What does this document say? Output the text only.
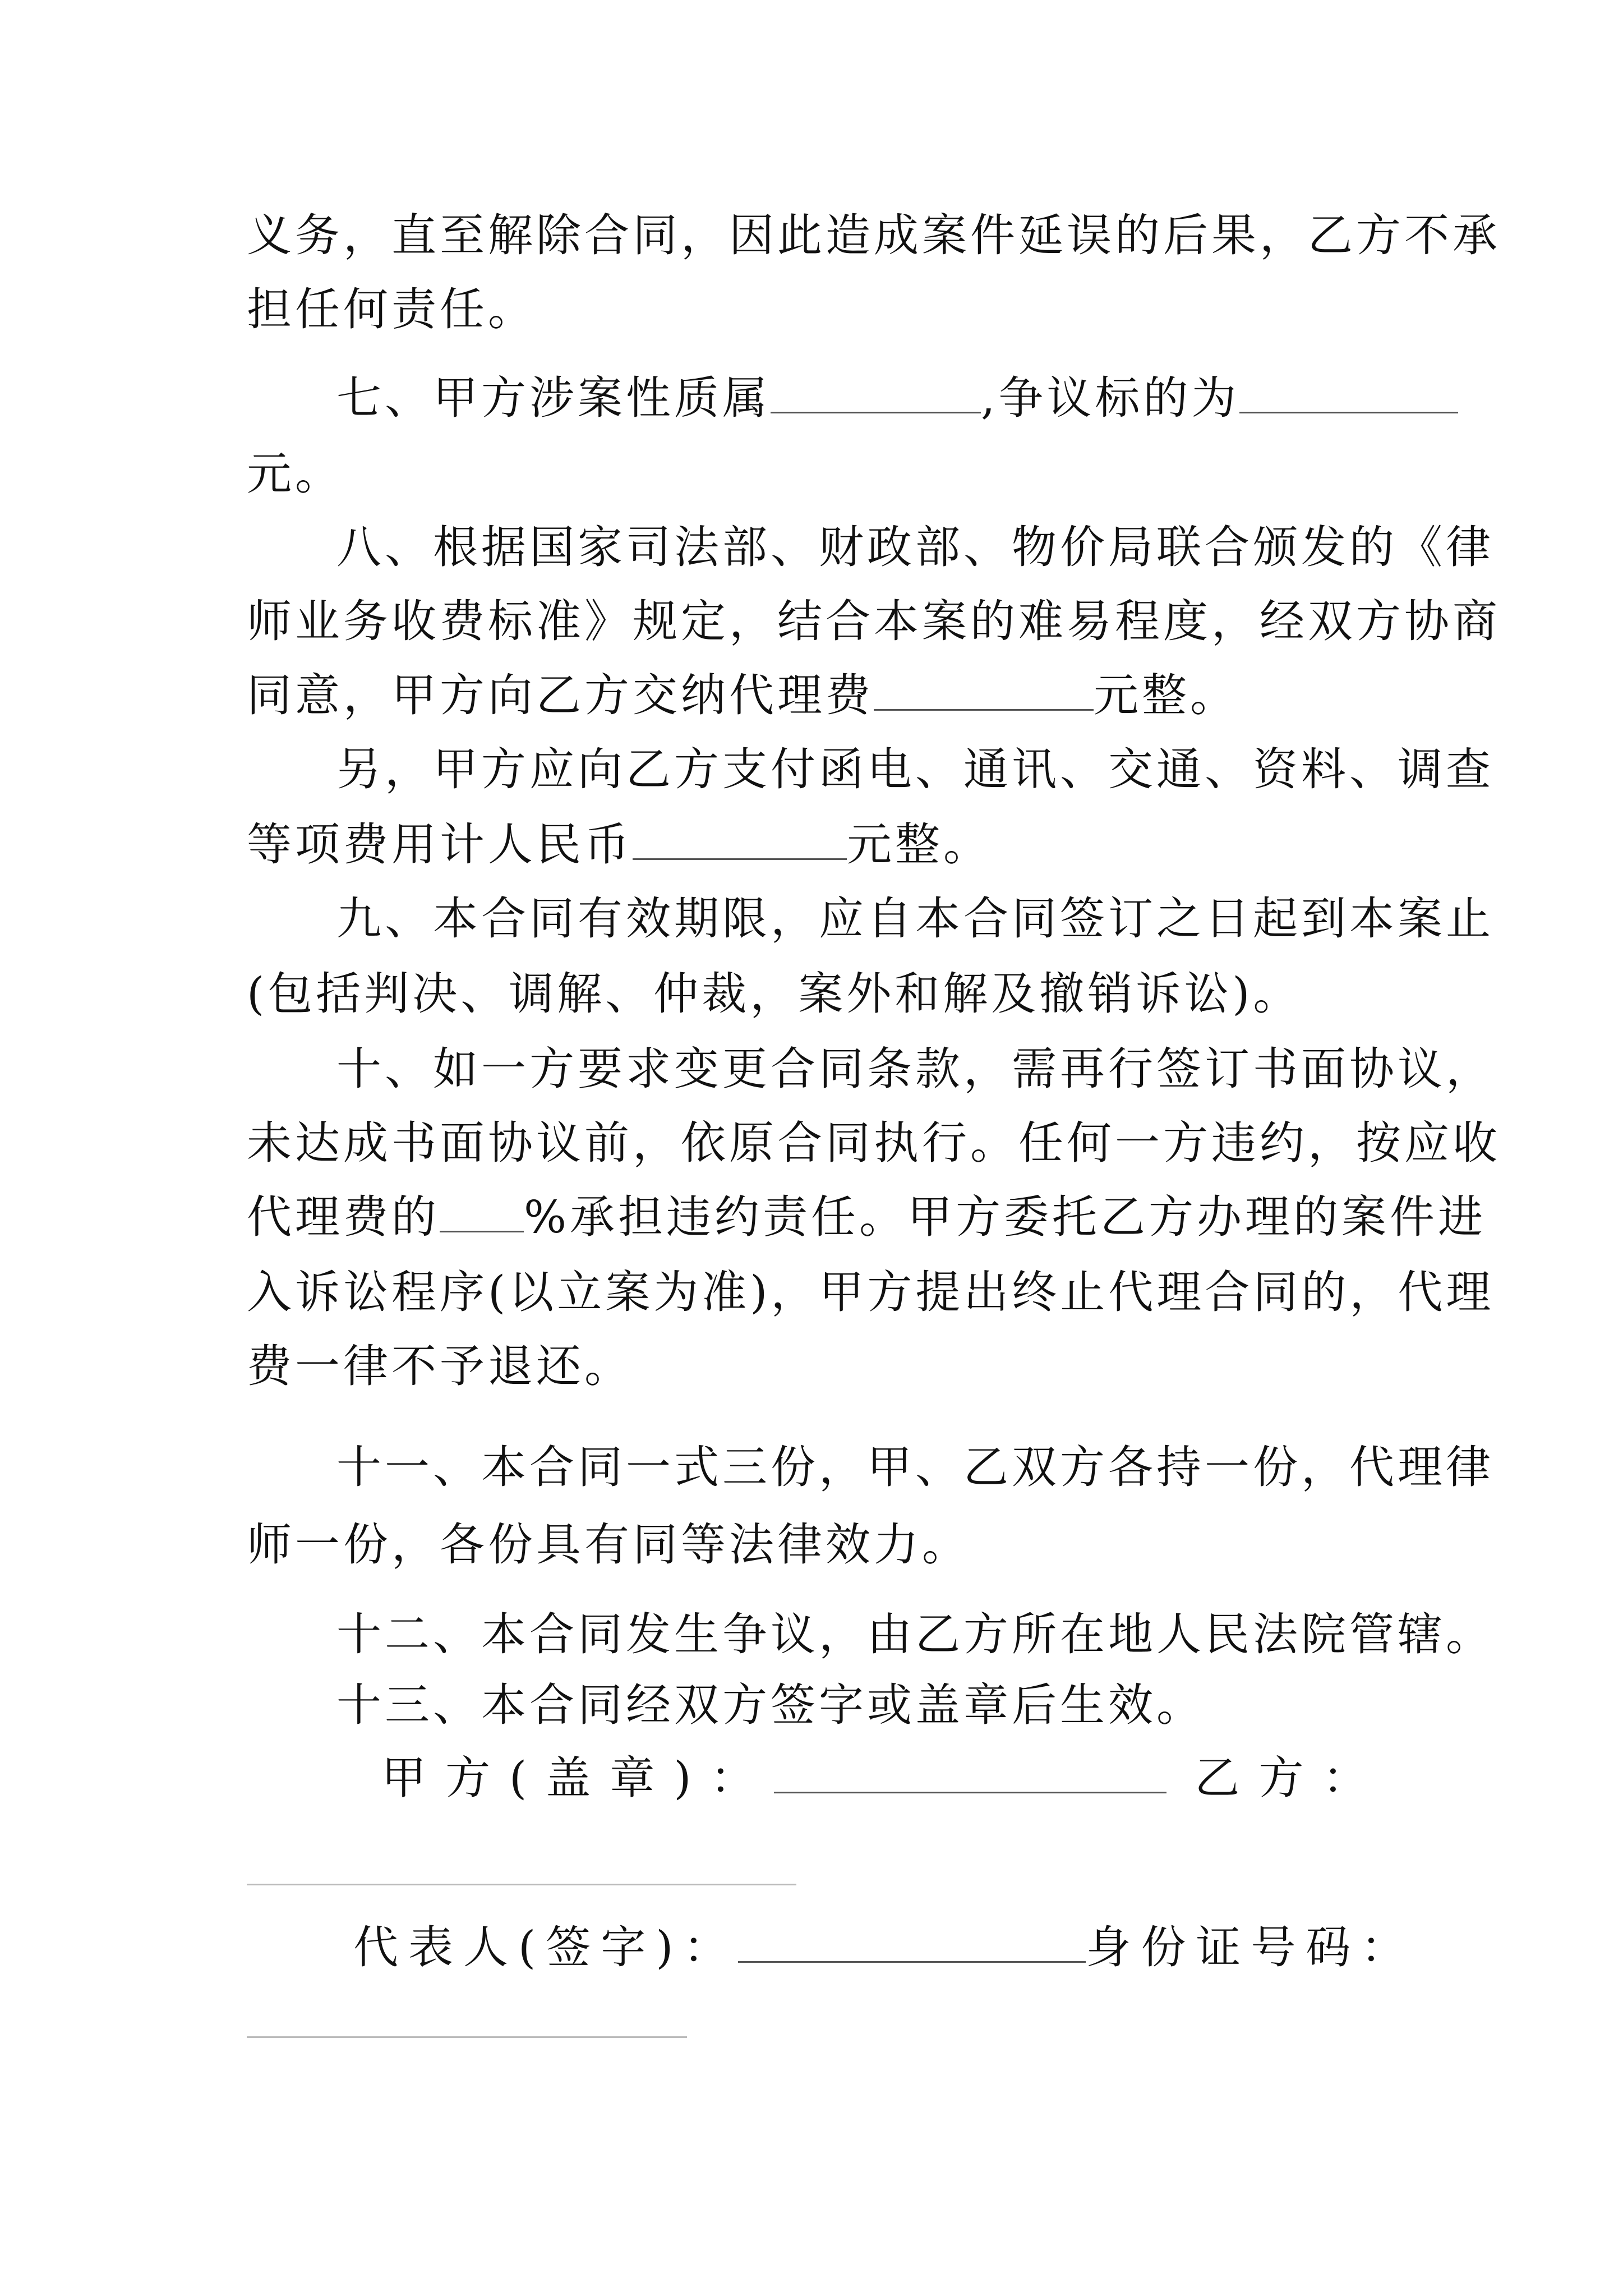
义务，直至解除合同，因此造成案件延误的后果，乙方不承
担任何责任。
七、甲方涉案性质属	,争议标的为
元。
八、根据国家司法部、财政部、物价局联合颁发的《律
师业务收费标准》规定，结合本案的难易程度，经双方协商
同意，甲方向乙方交纳代理费	元整。
另，甲方应向乙方支付函电、通讯、交通、资料、调查
等项费用计人民币	元整。
九、本合同有效期限，应自本合同签订之日起到本案止
(包括判决、调解、仲裁，案外和解及撤销诉讼)。
十、如一方要求变更合同条款，需再行签订书面协议，
未达成书面协议前，依原合同执行。任何一方违约，按应收
代理费的 %承担违约责任。甲方委托乙方办理的案件进
入诉讼程序(以立案为准)，甲方提出终止代理合同的，代理
费一律不予退还。
十一、本合同一式三份，甲、乙双方各持一份，代理律
师一份，各份具有同等法律效力。
十二、本合同发生争议，由乙方所在地人民法院管辖。
十三、本合同经双方签字或盖章后生效。
甲方(盖章)：	乙方：
代表人(签字)：	身份证号码：
